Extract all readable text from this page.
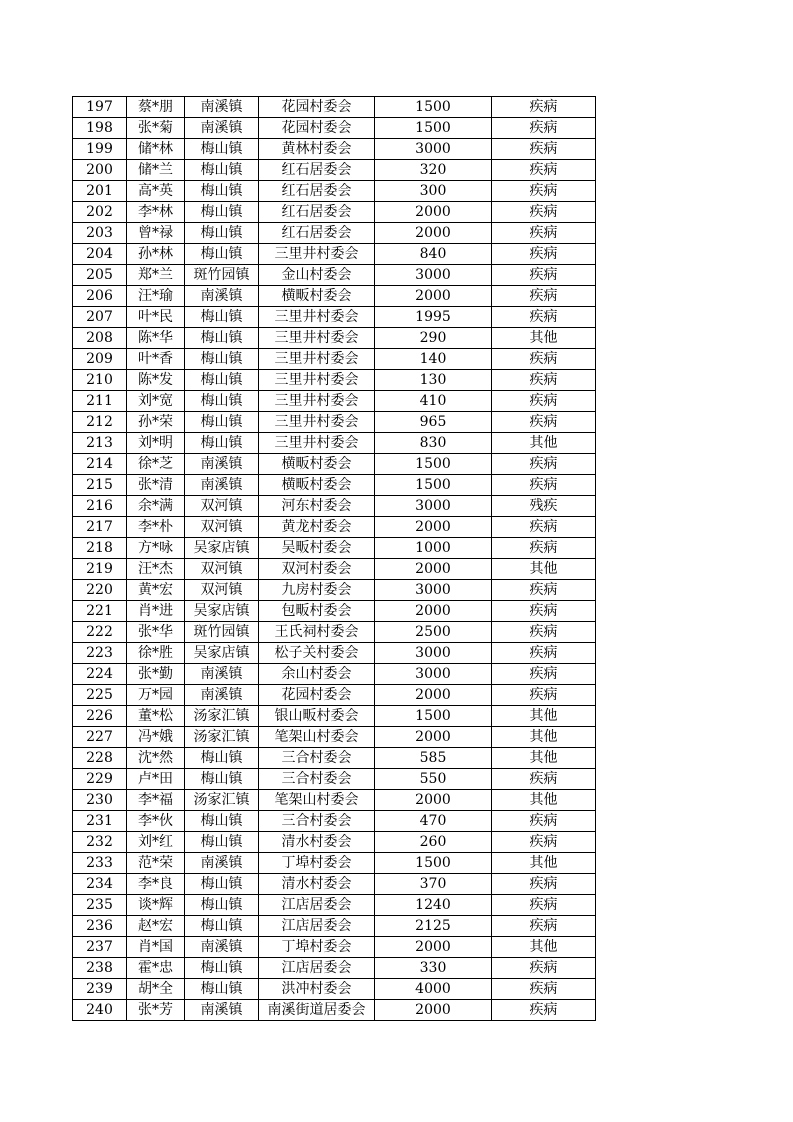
197	蔡*朋	南溪镇	花园村委会	1500	疾病
198	张*菊	南溪镇	花园村委会	1500	疾病
199	储*林	梅山镇	黄林村委会	3000	疾病
200	储*兰	梅山镇	红石居委会	320	疾病
201	高*英	梅山镇	红石居委会	300	疾病
202	李*林	梅山镇	红石居委会	2000	疾病
203	曾*禄	梅山镇	红石居委会	2000	疾病
204	孙*林	梅山镇	三里井村委会	840	疾病
205	郑*兰	斑竹园镇	金山村委会	3000	疾病
206	汪*瑜	南溪镇	横畈村委会	2000	疾病
207	叶*民	梅山镇	三里井村委会	1995	疾病
208	陈*华	梅山镇	三里井村委会	290	其他
209	叶*香	梅山镇	三里井村委会	140	疾病
210	陈*发	梅山镇	三里井村委会	130	疾病
211	刘*宽	梅山镇	三里井村委会	410	疾病
212	孙*荣	梅山镇	三里井村委会	965	疾病
213	刘*明	梅山镇	三里井村委会	830	其他
214	徐*芝	南溪镇	横畈村委会	1500	疾病
215	张*清	南溪镇	横畈村委会	1500	疾病
216	余*满	双河镇	河东村委会	3000	残疾
217	李*朴	双河镇	黄龙村委会	2000	疾病
218	方*咏	吴家店镇	吴畈村委会	1000	疾病
219	汪*杰	双河镇	双河村委会	2000	其他
220	黄*宏	双河镇	九房村委会	3000	疾病
221	肖*进	吴家店镇	包畈村委会	2000	疾病
222	张*华	斑竹园镇	王氏祠村委会	2500	疾病
223	徐*胜	吴家店镇	松子关村委会	3000	疾病
224	张*勤	南溪镇	余山村委会	3000	疾病
225	万*园	南溪镇	花园村委会	2000	疾病
226	董*松	汤家汇镇	银山畈村委会	1500	其他
227	冯*娥	汤家汇镇	笔架山村委会	2000	其他
228	沈*然	梅山镇	三合村委会	585	其他
229	卢*田	梅山镇	三合村委会	550	疾病
230	李*福	汤家汇镇	笔架山村委会	2000	其他
231	李*伙	梅山镇	三合村委会	470	疾病
232	刘*红	梅山镇	清水村委会	260	疾病
233	范*荣	南溪镇	丁埠村委会	1500	其他
234	李*良	梅山镇	清水村委会	370	疾病
235	谈*辉	梅山镇	江店居委会	1240	疾病
236	赵*宏	梅山镇	江店居委会	2125	疾病
237	肖*国	南溪镇	丁埠村委会	2000	其他
238	霍*忠	梅山镇	江店居委会	330	疾病
239	胡*全	梅山镇	洪冲村委会	4000	疾病
240	张*芳	南溪镇	南溪街道居委会	2000	疾病
